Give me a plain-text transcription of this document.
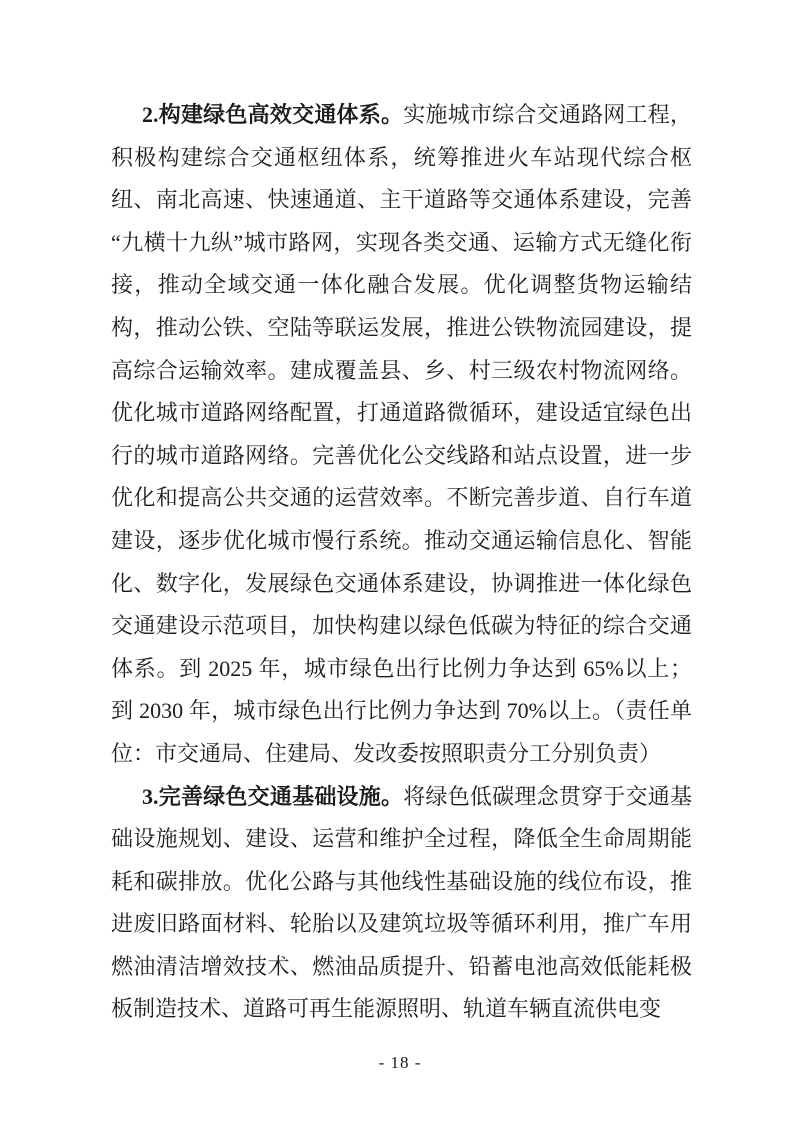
2.构建绿色高效交通体系。实施城市综合交通路网工程，积极构建综合交通枢纽体系，统筹推进火车站现代综合枢纽、南北高速、快速通道、主干道路等交通体系建设，完善“九横十九纵”城市路网，实现各类交通、运输方式无缝化衔接，推动全域交通一体化融合发展。优化调整货物运输结构，推动公铁、空陆等联运发展，推进公铁物流园建设，提高综合运输效率。建成覆盖县、乡、村三级农村物流网络。优化城市道路网络配置，打通道路微循环，建设适宜绿色出行的城市道路网络。完善优化公交线路和站点设置，进一步优化和提高公共交通的运营效率。不断完善步道、自行车道建设，逐步优化城市慢行系统。推动交通运输信息化、智能化、数字化，发展绿色交通体系建设，协调推进一体化绿色交通建设示范项目，加快构建以绿色低碳为特征的综合交通体系。到 2025 年，城市绿色出行比例力争达到 65%以上；到 2030 年，城市绿色出行比例力争达到 70%以上。（责任单位：市交通局、住建局、发改委按照职责分工分别负责）

3.完善绿色交通基础设施。将绿色低碳理念贯穿于交通基础设施规划、建设、运营和维护全过程，降低全生命周期能耗和碳排放。优化公路与其他线性基础设施的线位布设，推进废旧路面材料、轮胎以及建筑垃圾等循环利用，推广车用燃油清洁增效技术、燃油品质提升、铅蓄电池高效低能耗极板制造技术、道路可再生能源照明、轨道车辆直流供电变

- 18 -
